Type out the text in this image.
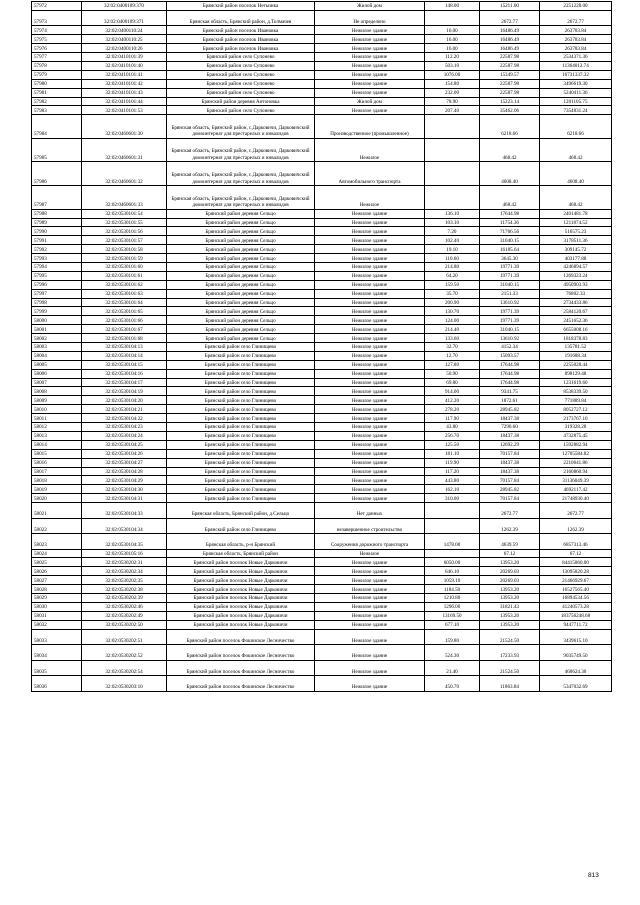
57972	32:02:0400109:370	Брянский район поселок Нетьинка	Жилой дом	148.00	15211.00	2251228.00
57973	32:02:0400109:371	Брянская область, Брянский район, д.Толмачев	Не определено		2672.77	2672.77
57974	32:02:0400110:24	Брянский район поселок Ивановка	Нежилое здание	16.00	16486.49	263783.84
57975	32:02:0400110:25	Брянский район поселок Ивановка	Нежилое здание	16.00	16486.49	263783.84
57976	32:02:0400110:26	Брянский район поселок Ивановка	Нежилое здание	16.00	16486.49	263783.84
57977	32:02:0410101:39	Брянский район село Супонево	Нежилое здание	112.20	22587.98	2534371.36
57978	32:02:0410101:40	Брянский район село Супонево	Нежилое здание	503.10	22587.98	11364012.74
57979	32:02:0410101:41	Брянский район село Супонево	Нежилое здание	1076.00	15349.57	16731337.32
57980	32:02:0410101:42	Брянский район село Супонево	Нежилое здание	154.80	22587.98	3496619.30
57981	32:02:0410101:43	Брянский район село Супонево	Нежилое здание	232.00	22587.98	5240411.36
57982	32:02:0410101:44	Брянский район деревня Антоновка	Жилой дом	78.90	15223.14	1201105.75
57983	32:02:0410101:53	Брянский район село Супонево	Нежилое здание	207.40	35462.06	7354831.24
57984	32:02:0460601:30	Брянская область, Брянский район, с.Дарковичи, Дарковичский домоинтернат для престарелых и инвалидов	Производственное (промышленное)		6218.66	6218.66
57985	32:02:0460601:31	Брянская область, Брянский район, с.Дарковичи, Дарковичский домоинтернат для престарелых и инвалидов	Нежилое		468.42	468.42
57986	32:02:0460601:32	Брянская область, Брянский район, с.Дарковичи, Дарковичский домоинтернат для престарелых и инвалидов	Автомобильного транспорта		4608.40	4608.40
57987	32:02:0460601:33	Брянская область, Брянский район, с.Дарковичи, Дарковичский домоинтернат для престарелых и инвалидов	Нежилое		468.42	468.42
57988	32:02:0530101:54	Брянский район деревня Сельцо	Нежилое здание	136.10	17644.98	2401481.78
57989	32:02:0530101:55	Брянский район деревня Сельцо	Нежилое здание	103.10	11754.36	1211874.52
57990	32:02:0530101:56	Брянский район деревня Сельцо	Нежилое здание	7.20	71766.56	516575.23
57991	32:02:0530101:57	Брянский район деревня Сельцо	Нежилое здание	102.40	31040.15	3178511.36
57992	32:02:0530101:58	Брянский район деревня Сельцо	Нежилое здание	19.10	16185.64	309145.72
57993	32:02:0530101:59	Брянский район деревня Сельцо	Нежилое здание	110.60	3645.30	403177.88
57994	32:02:0530101:60	Брянский район деревня Сельцо	Нежилое здание	214.80	19771.39	4246894.57
57995	32:02:0530101:61	Брянский район деревня Сельцо	Нежилое здание	64.20	19771.39	1269323.24
57996	32:02:0530101:62	Брянский район деревня Сельцо	Нежилое здание	159.50	31040.15	4950903.93
57997	32:02:0530101:63	Брянский район деревня Сельцо	Нежилое здание	35.70	2151.33	76802.33
57998	32:02:0530101:64	Брянский район деревня Сельцо	Нежилое здание	200.90	13610.92	2734433.86
57999	32:02:0530101:65	Брянский район деревня Сельцо	Нежилое здание	130.70	19771.39	2584120.67
58000	32:02:0530101:66	Брянский район деревня Сельцо	Нежилое здание	124.00	19771.39	2451652.36
58001	32:02:0530101:67	Брянский район деревня Сельцо	Нежилое здание	214.40	31040.15	6655008.16
58002	32:02:0530101:68	Брянский район деревня Сельцо	Нежилое здание	133.60	13610.92	1818378.83
58003	32:02:0530104:13	Брянский район село Глинищево	Нежилое здание	32.70	4152.34	135781.52
58004	32:02:0530104:14	Брянский район село Глинищево	Нежилое здание	12.70	15093.57	191688.34
58005	32:02:0530104:15	Брянский район село Глинищево	Нежилое здание	127.80	17644.98	2255028.44
58006	32:02:0530104:16	Брянский район село Глинищево	Нежилое здание	50.90	17644.98	898129.48
58007	32:02:0530104:17	Брянский район село Глинищево	Нежилое здание	69.80	17644.98	1231619.60
58008	32:02:0530104:19	Брянский район село Глинищево	Нежилое здание	914.00	9341.75	8538339.50
58009	32:02:0530104:20	Брянский район село Глинищево	Нежилое здание	412.20	1872.61	771889.84
58010	32:02:0530104:21	Брянский район село Глинищево	Нежилое здание	278.20	28945.82	8052727.12
58011	32:02:0530104:22	Брянский район село Глинищево	Нежилое здание	117.90	18437.38	2173767.10
58012	32:02:0530104:23	Брянский район село Глинищево	Нежилое здание	43.80	7290.60	319328.28
58013	32:02:0530104:24	Брянский район село Глинищево	Нежилое здание	256.70	18437.38	4732875.45
58014	32:02:0530104:25	Брянский район село Глинищево	Нежилое здание	125.50	12692.29	1592882.94
58015	32:02:0530104:26	Брянский район село Глинищево	Нежилое здание	181.10	70157.84	12705584.82
58016	32:02:0530104:27	Брянский район село Глинищево	Нежилое здание	119.90	18437.38	2210641.86
58017	32:02:0530104:28	Брянский район село Глинищево	Нежилое здание	117.20	18437.38	2160860.94
58018	32:02:0530104:29	Брянский район село Глинищево	Нежилое здание	443.80	70157.84	31136049.39
58019	32:02:0530104:30	Брянский район село Глинищево	Нежилое здание	162.10	28945.82	4692117.42
58020	32:02:0530104:31	Брянский район село Глинищево	Нежилое здание	310.00	70157.84	21748930.40
58021	32:02:0530104:33	Брянская область, Брянский район, д.Сельцо	Нет данных		2672.77	2672.77
58022	32:02:0530104:34	Брянский район село Глинищево	незавершенное строительство		1262.39	1262.39
58023	32:02:0530104:35	Брянская область, р-н Брянский	Сооружения дорожного транспорта	1478.00	4639.59	6857313.46
58024	32:02:0530105:16	Брянская область, Брянский район	Нежилое		67.12	67.12
58025	32:02:0530202:31	Брянский район поселок Новые Дарковичи	Нежилое здание	6050.00	13953.20	84415860.00
58026	32:02:0530202:34	Брянский район поселок Новые Дарковичи	Нежилое здание	646.10	20269.03	13095820.28
58027	32:02:0530202:35	Брянский район поселок Новые Дарковичи	Нежилое здание	1059.10	20269.03	21466929.67
58028	32:02:0530202:38	Брянский район поселок Новые Дарковичи	Нежилое здание	1184.50	13953.20	16527565.40
58029	32:02:0530202:39	Брянский район поселок Новые Дарковичи	Нежилое здание	1210.80	13953.20	16894534.56
58030	32:02:0530202:46	Брянский район поселок Новые Дарковичи	Нежилое здание	1296.00	31821.43	41240573.28
58031	32:02:0530202:49	Брянский район поселок Новые Дарковичи	Нежилое здание	13169.50	13953.20	183756248.68
58032	32:02:0530202:50	Брянский район поселок Новые Дарковичи	Нежилое здание	677.10	13953.20	9447711.72
58033	32:02:0530202:51	Брянский район поселок Фокинское Лесничество	Нежилое здание	159.80	21524.50	3439615.10
58034	32:02:0530202:52	Брянский район поселок Фокинское Лесничество	Нежилое здание	524.30	17233.93	9035749.50
58035	32:02:0530202:54	Брянский район поселок Фокинское Лесничество	Нежилое здание	21.40	21524.50	460624.30
58036	32:02:0530203:10	Брянский район поселок Фокинское Лесничество	Нежилое здание	450.70	11863.84	5347032.69
813
